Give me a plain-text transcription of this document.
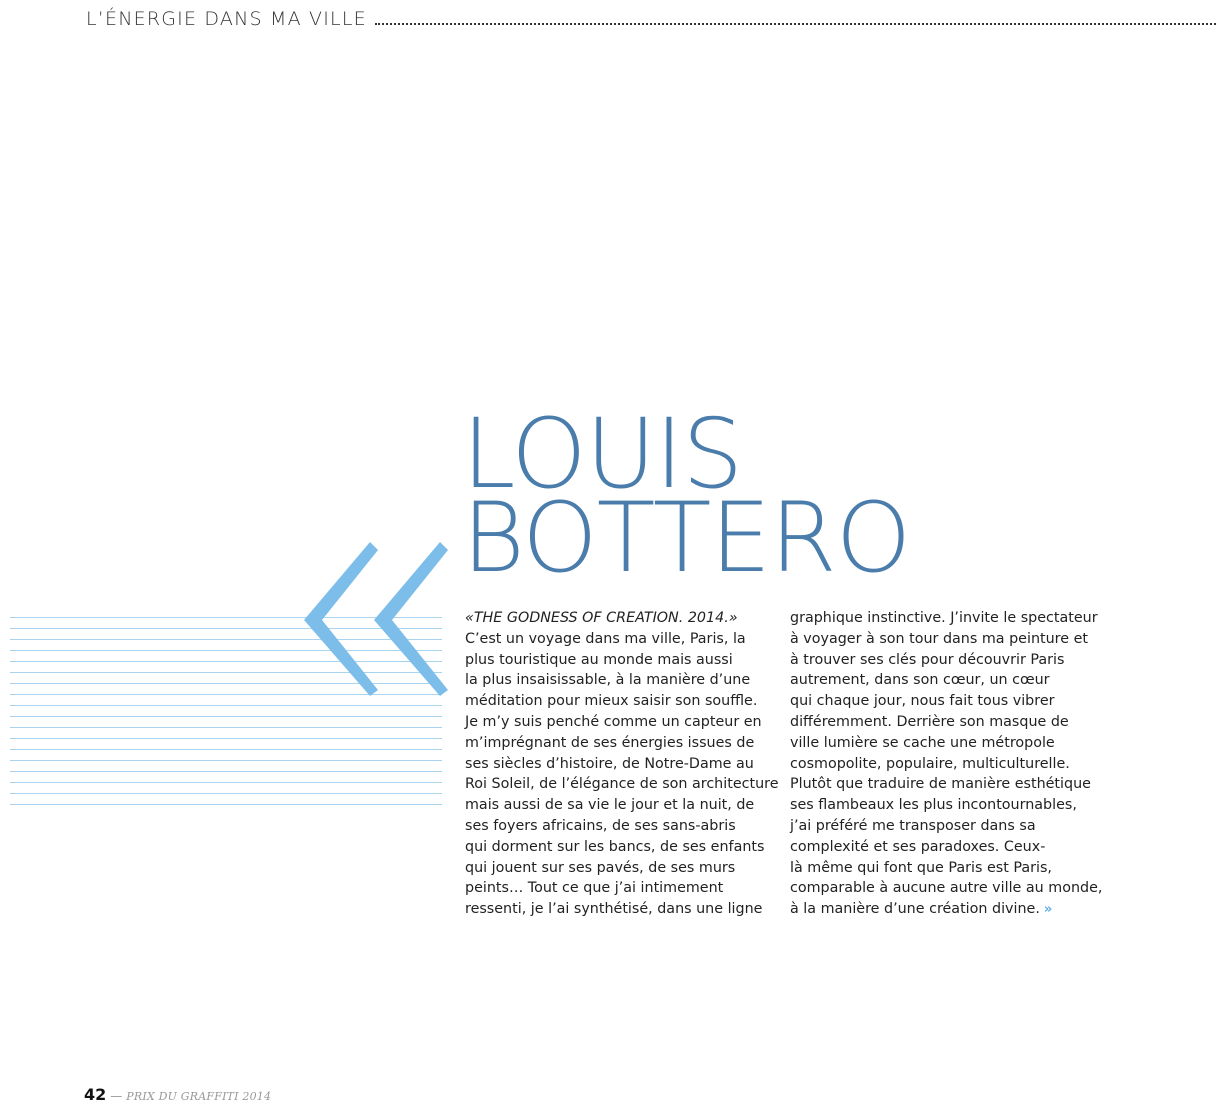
L’ÉNERGIE DANS MA VILLE
LOUIS
BOTTERO
«THE GODNESS OF CREATION. 2014.»
C’est un voyage dans ma ville, Paris, la
plus touristique au monde mais aussi
la plus insaisissable, à la manière d’une
méditation pour mieux saisir son souffle.
Je m’y suis penché comme un capteur en
m’imprégnant de ses énergies issues de
ses siècles d’histoire, de Notre-Dame au
Roi Soleil, de l’élégance de son architecture
mais aussi de sa vie le jour et la nuit, de
ses foyers africains, de ses sans-abris
qui dorment sur les bancs, de ses enfants
qui jouent sur ses pavés, de ses murs
peints… Tout ce que j’ai intimement
ressenti, je l’ai synthétisé, dans une ligne
graphique instinctive. J’invite le spectateur
à voyager à son tour dans ma peinture et
à trouver ses clés pour découvrir Paris
autrement, dans son cœur, un cœur
qui chaque jour, nous fait tous vibrer
différemment. Derrière son masque de
ville lumière se cache une métropole
cosmopolite, populaire, multiculturelle.
Plutôt que traduire de manière esthétique
ses flambeaux les plus incontournables,
j’ai préféré me transposer dans sa
complexité et ses paradoxes. Ceux-
là même qui font que Paris est Paris,
comparable à aucune autre ville au monde,
à la manière d’une création divine. »
42 — PRIX DU GRAFFITI 2014
